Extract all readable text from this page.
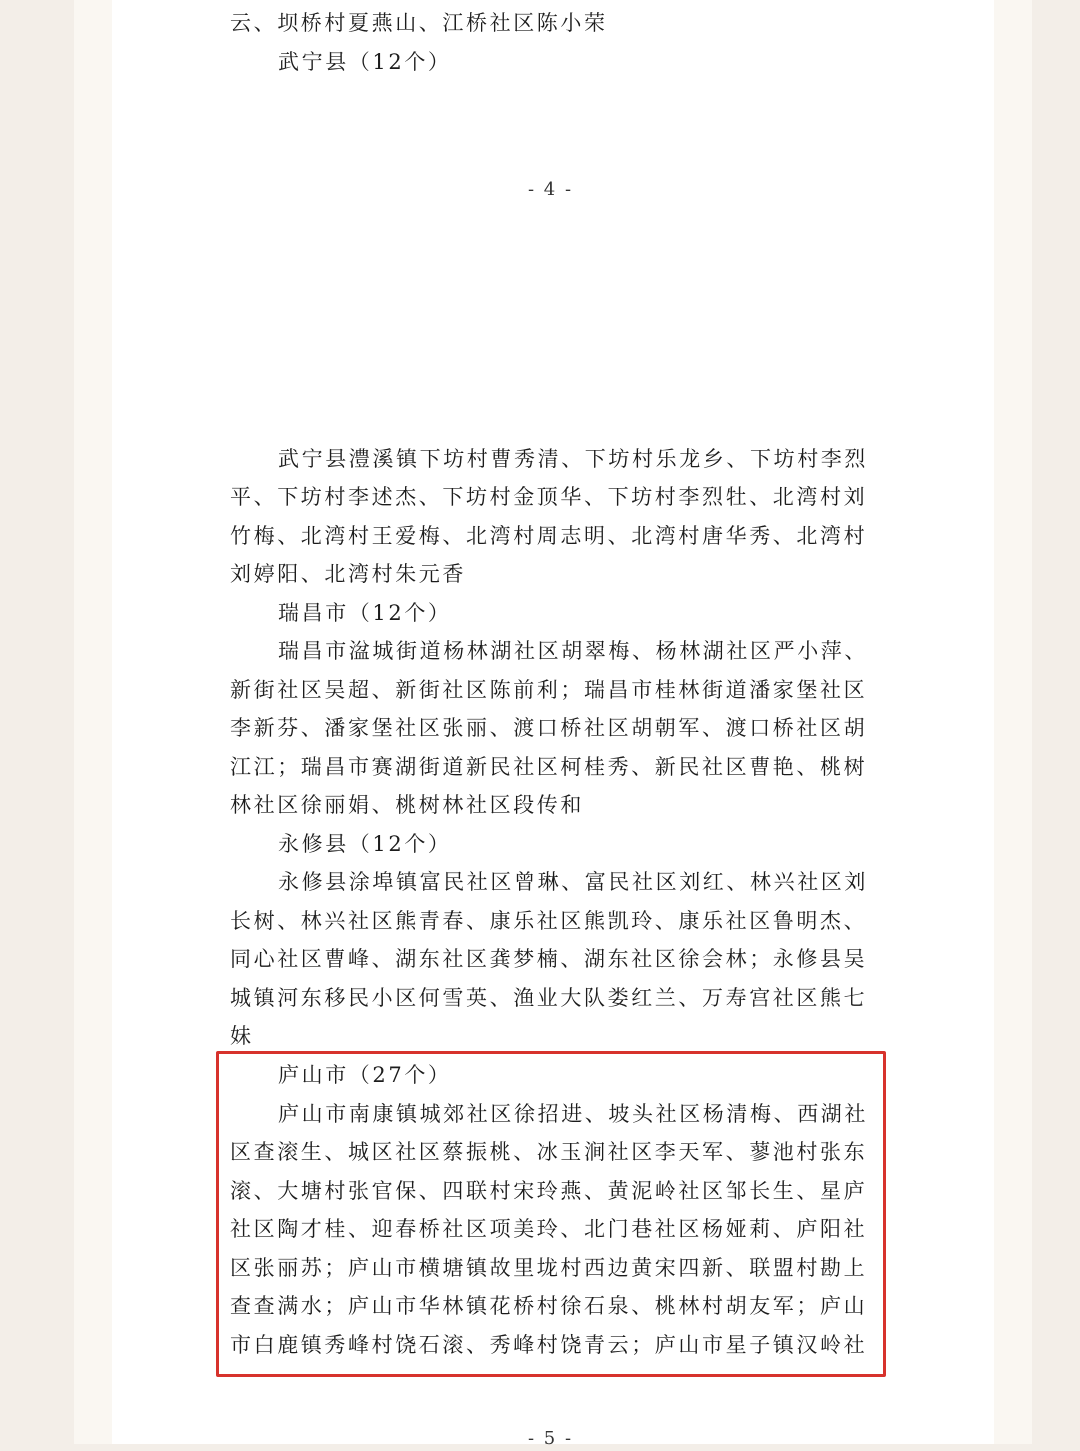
云、坝桥村夏燕山、江桥社区陈小荣
武宁县（12个）
- 4 -
武宁县澧溪镇下坊村曹秀清、下坊村乐龙乡、下坊村李烈
平、下坊村李述杰、下坊村金顶华、下坊村李烈牡、北湾村刘
竹梅、北湾村王爱梅、北湾村周志明、北湾村唐华秀、北湾村
刘婷阳、北湾村朱元香
瑞昌市（12个）
瑞昌市湓城街道杨林湖社区胡翠梅、杨林湖社区严小萍、
新街社区吴超、新街社区陈前利；瑞昌市桂林街道潘家堡社区
李新芬、潘家堡社区张丽、渡口桥社区胡朝军、渡口桥社区胡
江江；瑞昌市赛湖街道新民社区柯桂秀、新民社区曹艳、桃树
林社区徐丽娟、桃树林社区段传和
永修县（12个）
永修县涂埠镇富民社区曾琳、富民社区刘红、林兴社区刘
长树、林兴社区熊青春、康乐社区熊凯玲、康乐社区鲁明杰、
同心社区曹峰、湖东社区龚梦楠、湖东社区徐会林；永修县吴
城镇河东移民小区何雪英、渔业大队娄红兰、万寿宫社区熊七
妹
庐山市（27个）
庐山市南康镇城郊社区徐招进、坡头社区杨清梅、西湖社
区查滚生、城区社区蔡振桃、冰玉涧社区李天军、蓼池村张东
滚、大塘村张官保、四联村宋玲燕、黄泥岭社区邹长生、星庐
社区陶才桂、迎春桥社区项美玲、北门巷社区杨娅莉、庐阳社
区张丽苏；庐山市横塘镇故里垅村西边黄宋四新、联盟村勘上
查查满水；庐山市华林镇花桥村徐石泉、桃林村胡友军；庐山
市白鹿镇秀峰村饶石滚、秀峰村饶青云；庐山市星子镇汉岭社
- 5 -
